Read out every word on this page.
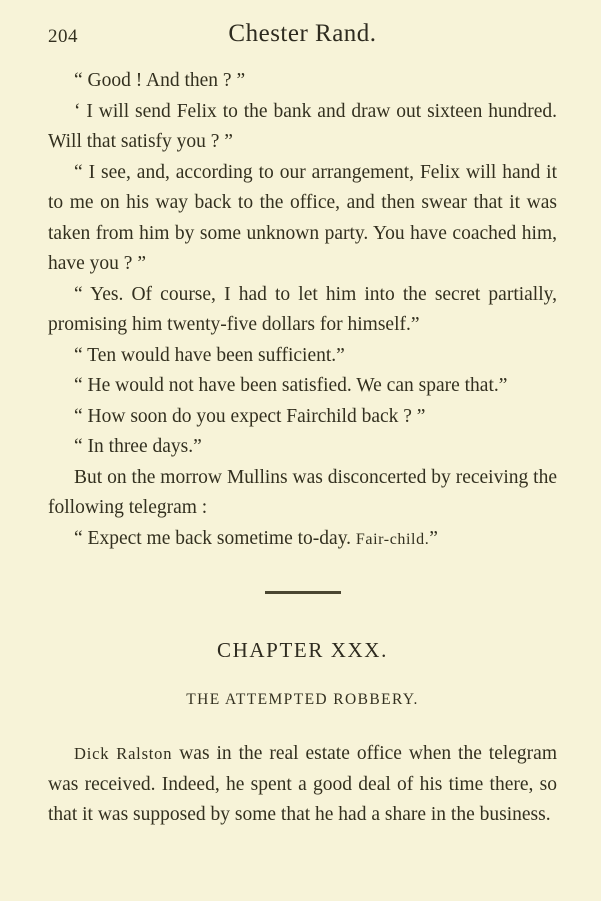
204	Chester Rand.

“ Good ! And then ? ”

‘ I will send Felix to the bank and draw out sixteen hundred. Will that satisfy you ? ”

“ I see, and, according to our arrangement, Felix will hand it to me on his way back to the office, and then swear that it was taken from him by some unknown party. You have coached him, have you ? ”

“ Yes. Of course, I had to let him into the secret partially, promising him twenty-five dollars for himself.”

“ Ten would have been sufficient.”

“ He would not have been satisfied. We can spare that.”

“ How soon do you expect Fairchild back ? ”

“ In three days.”

But on the morrow Mullins was disconcerted by receiving the following telegram :

“ Expect me back sometime to-day. Fair-child.”

CHAPTER XXX.
THE ATTEMPTED ROBBERY.

Dick Ralston was in the real estate office when the telegram was received. Indeed, he spent a good deal of his time there, so that it was supposed by some that he had a share in the business.
